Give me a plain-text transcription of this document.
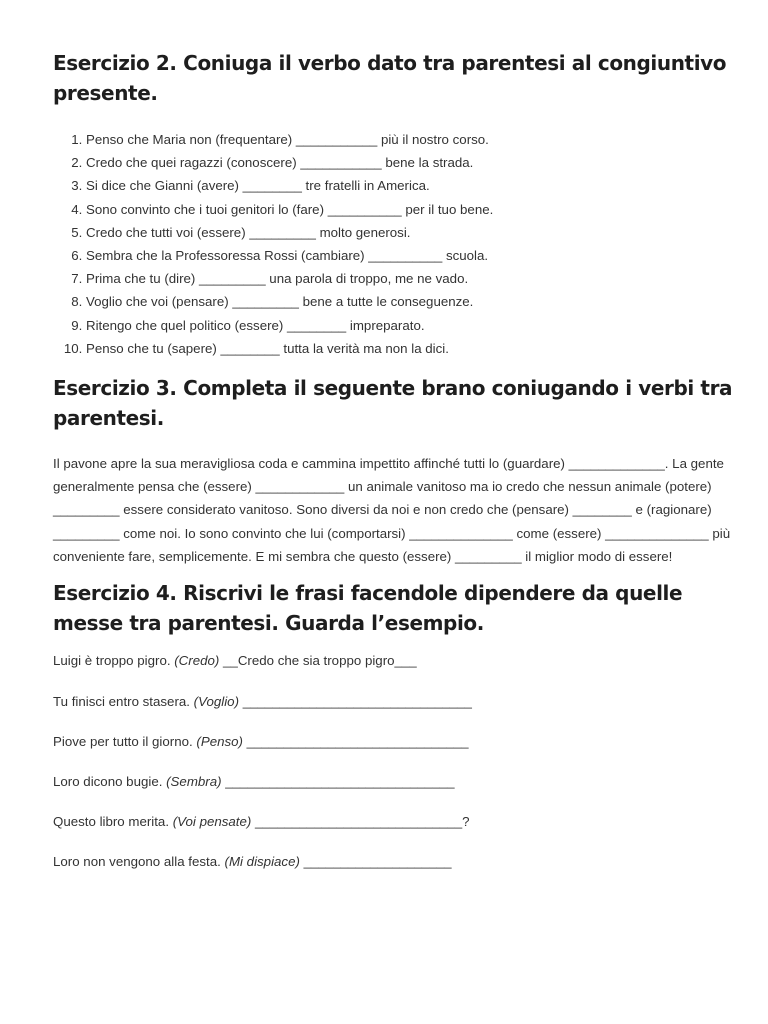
Esercizio 2. Coniuga il verbo dato tra parentesi al congiuntivo presente.
1. Penso che Maria non (frequentare) ___________ più il nostro corso.
2. Credo che quei ragazzi (conoscere) ___________ bene la strada.
3. Si dice che Gianni (avere) ________ tre fratelli in America.
4. Sono convinto che i tuoi genitori lo (fare) __________ per il tuo bene.
5. Credo che tutti voi (essere) _________ molto generosi.
6. Sembra che la Professoressa Rossi (cambiare) __________ scuola.
7. Prima che tu (dire) _________ una parola di troppo, me ne vado.
8. Voglio che voi (pensare) _________ bene a tutte le conseguenze.
9. Ritengo che quel politico (essere) ________ impreparato.
10. Penso che tu (sapere) ________ tutta la verità ma non la dici.
Esercizio 3. Completa il seguente brano coniugando i verbi tra parentesi.
Il pavone apre la sua meravigliosa coda e cammina impettito affinché tutti lo (guardare) _____________. La gente
generalmente pensa che (essere) ____________ un animale vanitoso ma io credo che nessun animale (potere)
_________ essere considerato vanitoso. Sono diversi da noi e non credo che (pensare) ________ e (ragionare)
_________ come noi. Io sono convinto che lui (comportarsi) ______________ come (essere) ______________ più
conveniente fare, semplicemente. E mi sembra che questo (essere) _________ il miglior modo di essere!
Esercizio 4. Riscrivi le frasi facendole dipendere da quelle messe tra parentesi. Guarda l’esempio.

Luigi è troppo pigro. (Credo) __Credo che sia troppo pigro___

Tu finisci entro stasera. (Voglio) _______________________________

Piove per tutto il giorno. (Penso) ______________________________

Loro dicono bugie. (Sembra) _______________________________

Questo libro merita. (Voi pensate) ____________________________?

Loro non vengono alla festa. (Mi dispiace) ____________________
